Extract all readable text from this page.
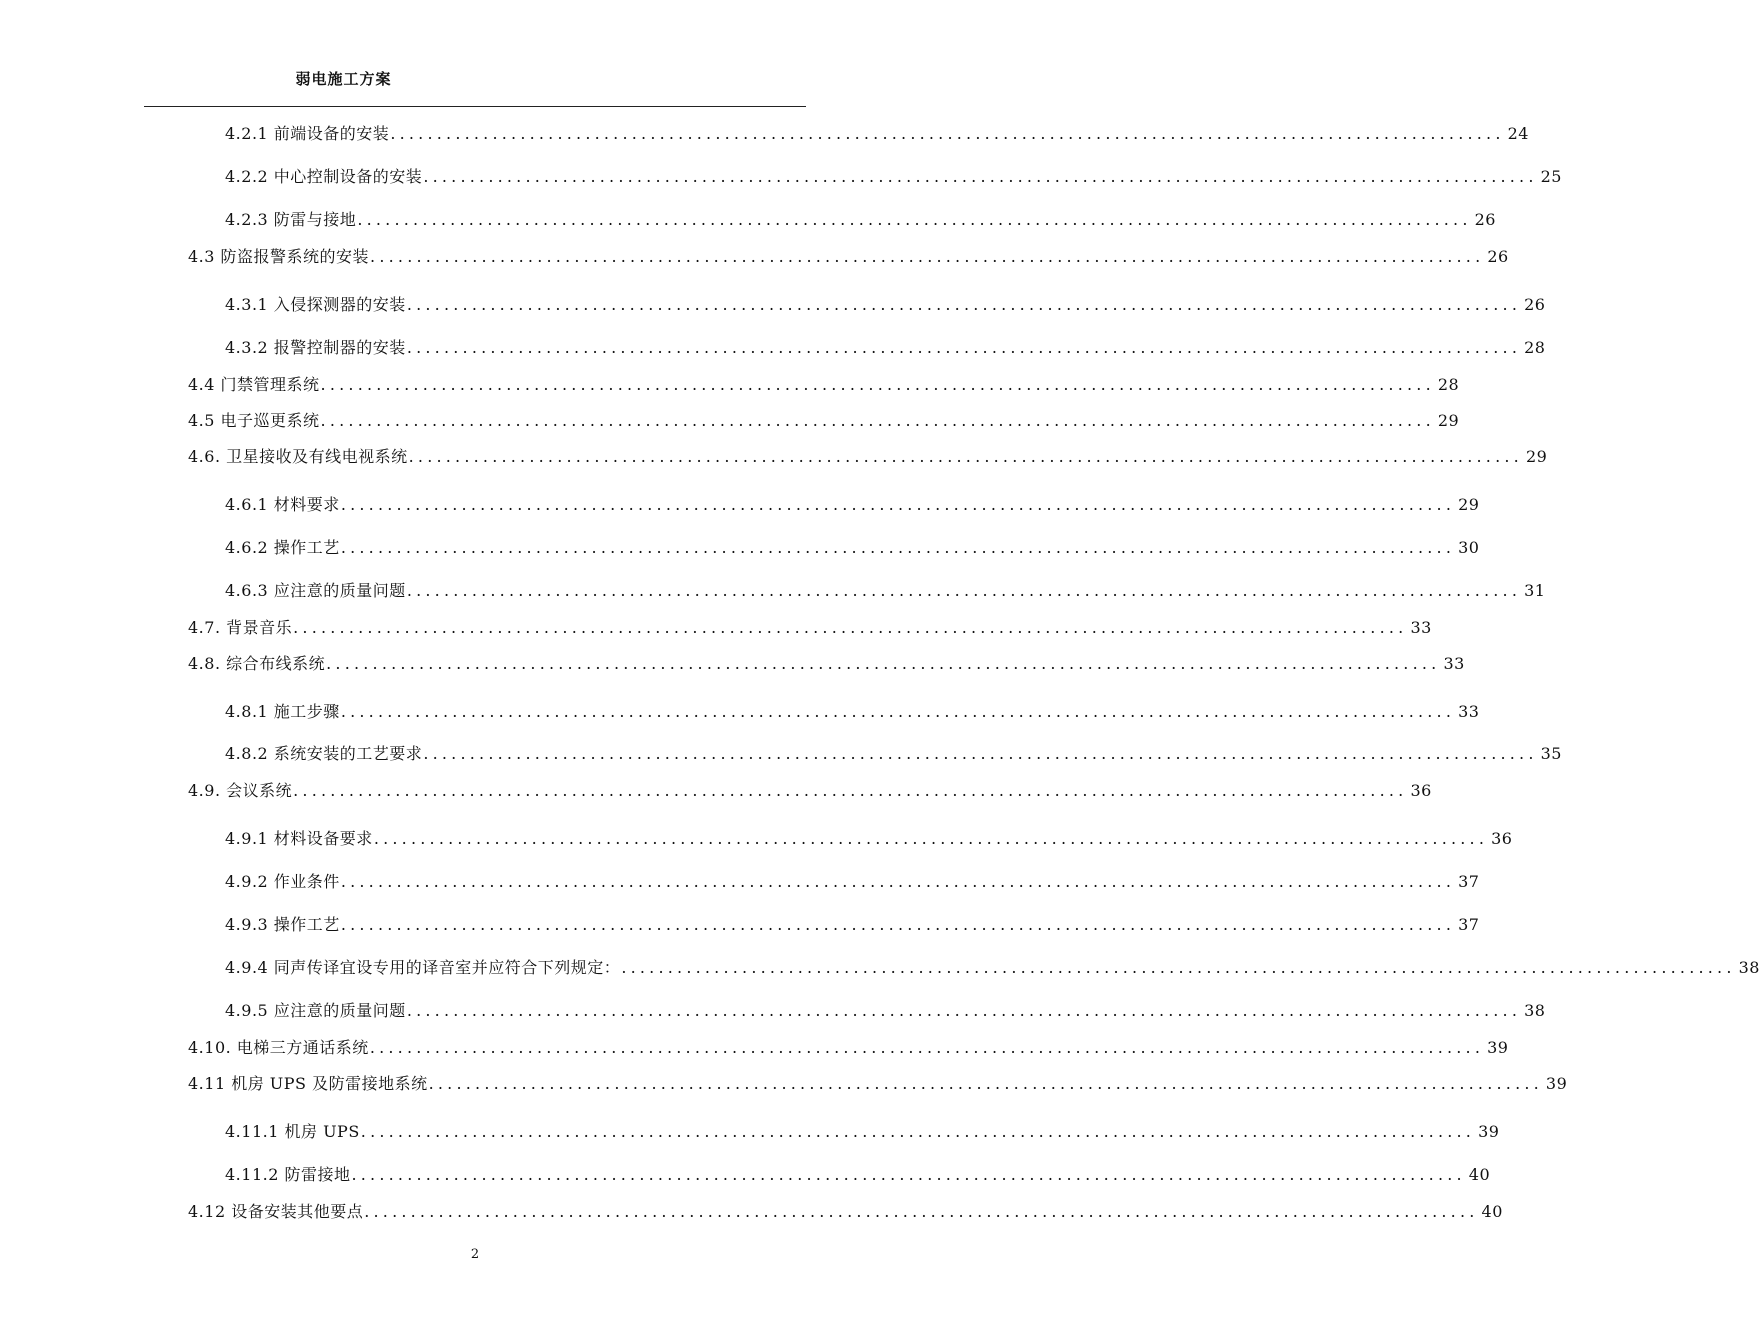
弱电施工方案
4.2.1 前端设备的安装 ........................................................................................................................ 24
4.2.2 中心控制设备的安装 ........................................................................................................................ 25
4.2.3 防雷与接地 ........................................................................................................................ 26
4.3 防盗报警系统的安装 ........................................................................................................................ 26
4.3.1 入侵探测器的安装 ........................................................................................................................ 26
4.3.2 报警控制器的安装 ........................................................................................................................ 28
4.4 门禁管理系统 ........................................................................................................................ 28
4.5 电子巡更系统 ........................................................................................................................ 29
4.6. 卫星接收及有线电视系统 ........................................................................................................................ 29
4.6.1 材料要求 ........................................................................................................................ 29
4.6.2 操作工艺 ........................................................................................................................ 30
4.6.3 应注意的质量问题 ........................................................................................................................ 31
4.7. 背景音乐 ........................................................................................................................ 33
4.8. 综合布线系统 ........................................................................................................................ 33
4.8.1 施工步骤 ........................................................................................................................ 33
4.8.2 系统安装的工艺要求 ........................................................................................................................ 35
4.9. 会议系统 ........................................................................................................................ 36
4.9.1 材料设备要求 ........................................................................................................................ 36
4.9.2 作业条件 ........................................................................................................................ 37
4.9.3 操作工艺 ........................................................................................................................ 37
4.9.4 同声传译宜设专用的译音室并应符合下列规定： ........................................................................................................................ 38
4.9.5 应注意的质量问题 ........................................................................................................................ 38
4.10. 电梯三方通话系统 ........................................................................................................................ 39
4.11 机房 UPS 及防雷接地系统 ........................................................................................................................ 39
4.11.1 机房 UPS ........................................................................................................................ 39
4.11.2 防雷接地 ........................................................................................................................ 40
4.12 设备安装其他要点 ........................................................................................................................ 40
2
